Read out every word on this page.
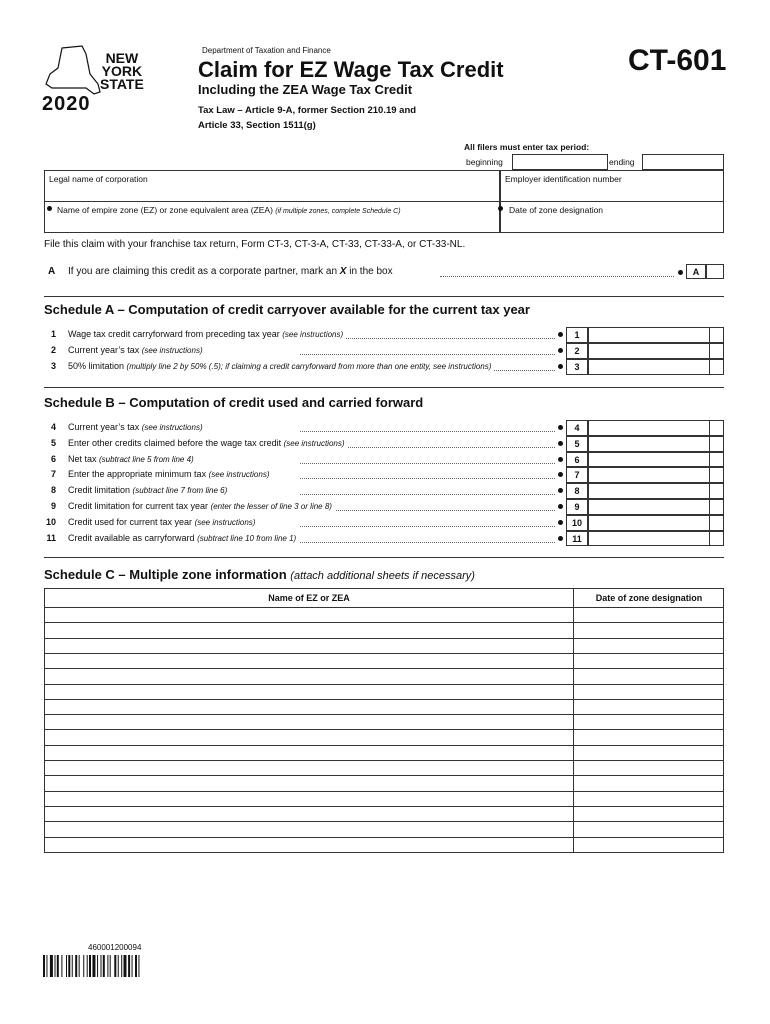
NEW
YORK
STATE
2020
Department of Taxation and Finance	CT-601
Claim for EZ Wage Tax Credit
Including the ZEA Wage Tax Credit
Tax Law – Article 9-A, former Section 210.19 and
Article 33, Section 1511(g)
All filers must enter tax period:
beginning	ending
Legal name of corporation	Employer identification number
Name of empire zone (EZ) or zone equivalent area (ZEA) (if multiple zones, complete Schedule C)	Date of zone designation
File this claim with your franchise tax return, Form CT-3, CT-3-A, CT-33, CT-33-A, or CT-33-NL.
A If you are claiming this credit as a corporate partner, mark an X in the box	A
Schedule A – Computation of credit carryover available for the current tax year
1 Wage tax credit carryforward from preceding tax year (see instructions)	1
2 Current year’s tax (see instructions)	2
3 50% limitation (multiply line 2 by 50% (.5); if claiming a credit carryforward from more than one entity, see instructions)	3
Schedule B – Computation of credit used and carried forward
4 Current year’s tax (see instructions)	4
5 Enter other credits claimed before the wage tax credit (see instructions)	5
6 Net tax (subtract line 5 from line 4)	6
7 Enter the appropriate minimum tax (see instructions)	7
8 Credit limitation (subtract line 7 from line 6)	8
9 Credit limitation for current tax year (enter the lesser of line 3 or line 8)	9
10 Credit used for current tax year (see instructions)	10
11 Credit available as carryforward (subtract line 10 from line 1)	11
Schedule C – Multiple zone information (attach additional sheets if necessary)
Name of EZ or ZEA	Date of zone designation
460001200094
